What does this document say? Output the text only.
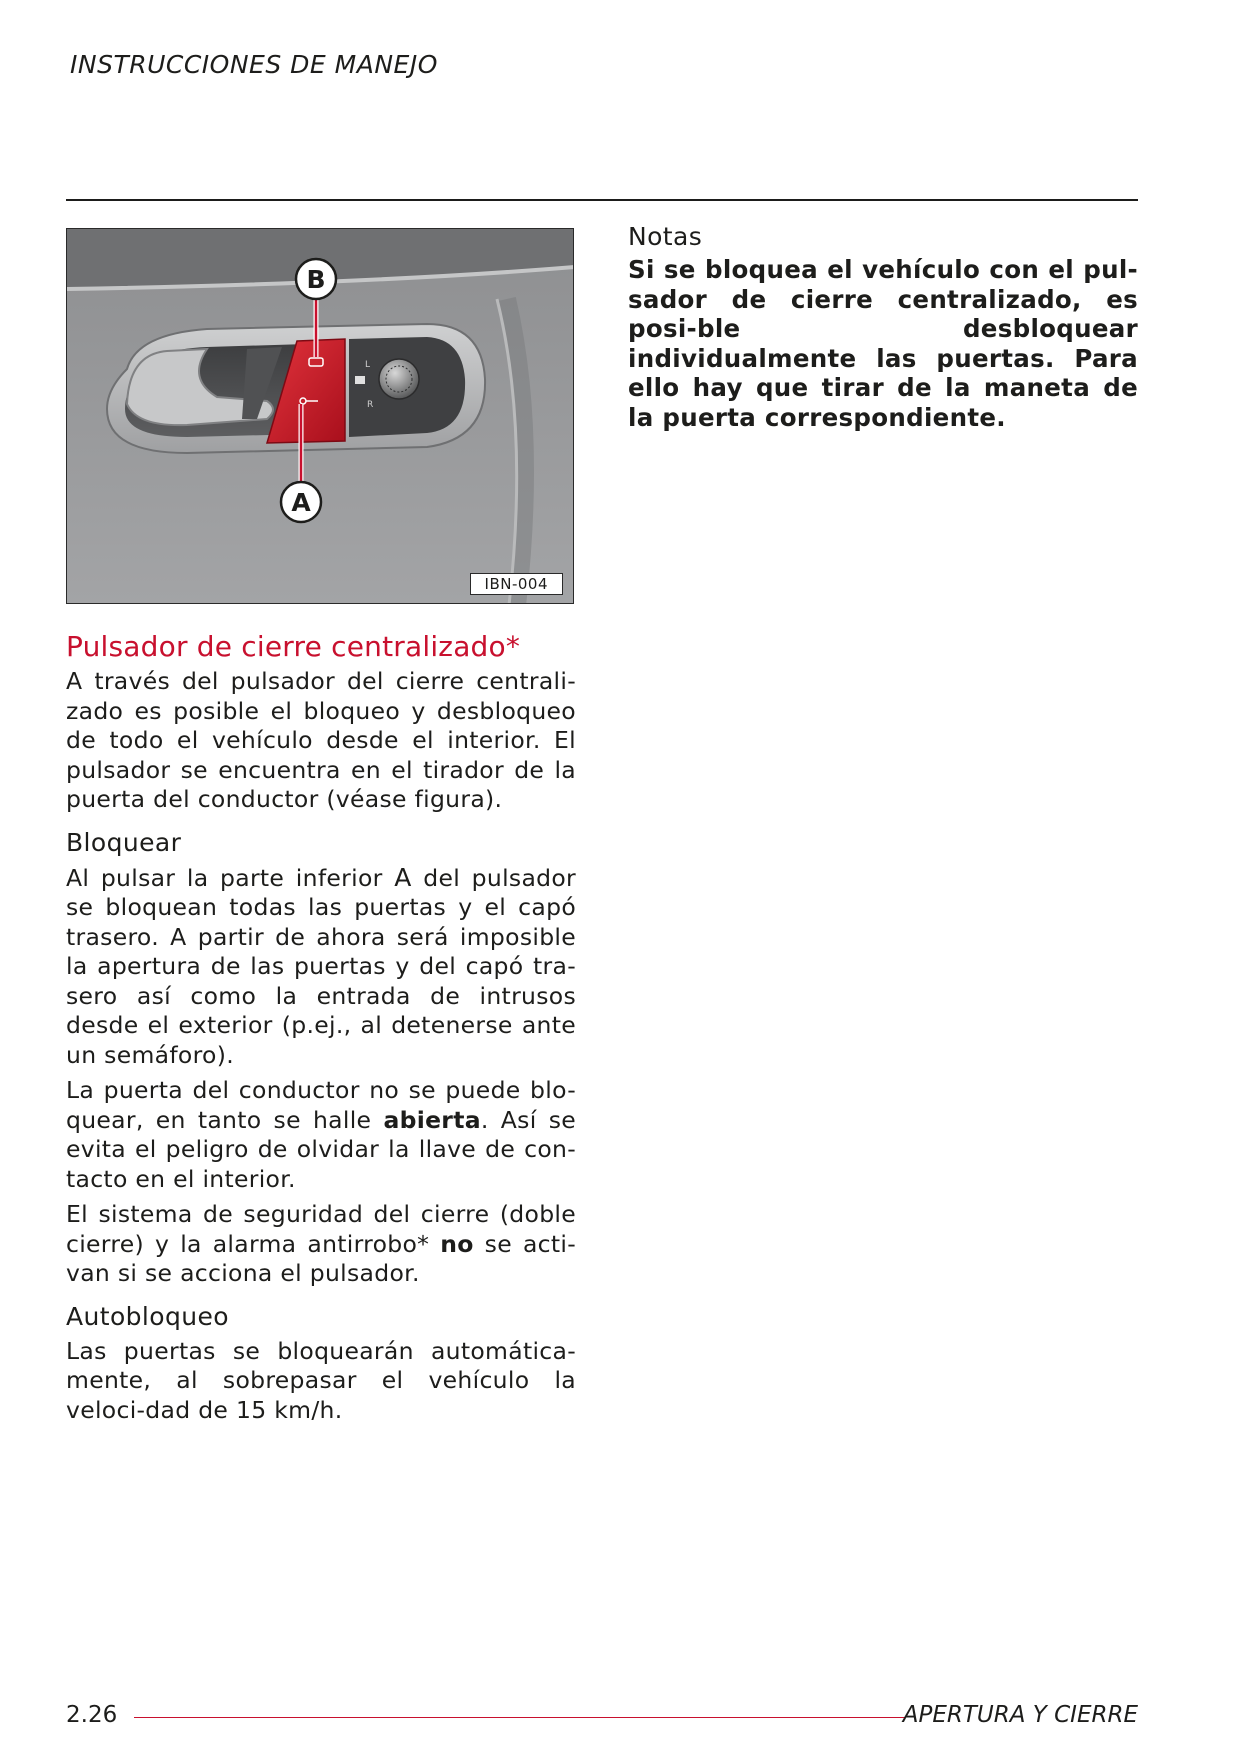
INSTRUCCIONES DE MANEJO
L
R
B
A
IBN-004
Pulsador de cierre centralizado*

A través del pulsador del cierre centrali-zado es posible el bloqueo y desbloqueo de todo el vehículo desde el interior. El pulsador se encuentra en el tirador de la puerta del conductor (véase figura).

Bloquear

Al pulsar la parte inferior A del pulsador se bloquean todas las puertas y el capó trasero. A partir de ahora será imposible la apertura de las puertas y del capó tra-sero así como la entrada de intrusos desde el exterior (p.ej., al detenerse ante un semáforo).

La puerta del conductor no se puede blo-quear, en tanto se halle abierta. Así se evita el peligro de olvidar la llave de con-tacto en el interior.

El sistema de seguridad del cierre (doble cierre) y la alarma antirrobo* no se acti-van si se acciona el pulsador.

Autobloqueo

Las puertas se bloquearán automática-mente, al sobrepasar el vehículo la veloci-dad de 15 km/h.

Notas
Si se bloquea el vehículo con el pul-sador de cierre centralizado, es posi-ble desbloquear individualmente las puertas. Para ello hay que tirar de la maneta de la puerta correspondiente.
2.26	APERTURA Y CIERRE
